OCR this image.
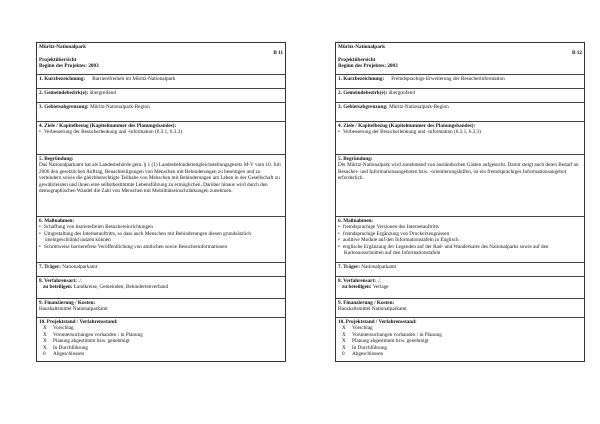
Müritz-Nationalpark
B 11
Projektübersicht
Beginn des Projektes: 2003
1. Kurzbezeichnung: Barrierefreiheit im Müritz-Nationalpark
2. Gemeindebezirk(e): übergreifend
3. Gebietsabgrenzung: Müritz-Nationalpark-Region
4. Ziele / Kapitelbezug (Kapitelnummer des Planungsbandes):
• Verbesserung der Besucherlenkung und -information (6.3.1, 6.3.3)
5. Begründung:
Das Nationalparkamt hat als Landesbehörde gem. § 1 (1) Landesbehindertengleichstellungsgesetz M-V vom 10. Juli 2006 den gesetzlichen Auftrag, Benachteiligungen von Menschen mit Behinderungen zu beseitigen und zu verhindern sowie die gleichberechtigte Teilhabe von Menschen mit Behinderungen am Leben in der Gesellschaft zu gewährleisten und ihnen eine selbstbestimmte Lebensführung zu ermöglichen. Darüber hinaus wird durch den demographischen Wandel die Zahl von Menschen mit Mobilitätseinschränkungen zunehmen.
6. Maßnahmen:
• Schaffung von barrierefreien Besuchereinrichtungen
• Umgestaltung des Internetauftritts, so dass auch Menschen mit Behinderungen diesen grundsätzlich uneingeschränkt nutzen können
• Schrittweise barrierefreie Veröffentlichung von amtlichen sowie Besucherinformationen
7. Träger: Nationalparkamt
8. Verfahrensart: ./.
zu beteiligen: Landkreise, Gemeinden, Behindertenverband
9. Finanzierung / Kosten:
Haushaltsmittel Nationalparkamt
10. Projektstand / Verfahrensstand:
X	Vorschlag
X	Voruntersuchungen vorhanden / in Planung
X	Planung abgestimmt bzw. genehmigt
X	In Durchführung
0	Abgeschlossen
Müritz-Nationalpark
B 12
Projektübersicht
Beginn des Projektes: 2003
1. Kurzbezeichnung: Fremdsprachige Erweiterung der Besucherinformation
2. Gemeindebezirk(e): übergreifend
3. Gebietsabgrenzung: Müritz-Nationalpark-Region
4. Ziele / Kapitelbezug (Kapitelnummer des Planungsbandes):
• Verbesserung der Besucherlenkung und -information (6.3.1, 6.3.3)
5. Begründung:
Der Müritz-Nationalpark wird zunehmend von ausländischen Gästen aufgesucht. Damit steigt auch deren Bedarf an Besucher- und Informationsangeboten bzw. -orientierungshilfen, ist ein fremdsprachiges Informationsangebot erforderlich.
6. Maßnahmen:
• fremdsprachige Versionen des Internetauftritts
• fremdsprachige Ergänzung von Druckerzeugnissen
• auditive Module auf den Informationstafeln in Englisch
• englische Ergänzung der Legenden auf der Rad- und Wanderkarte des Nationalparks sowie auf den Kartenausschnitten auf den Informationstafeln
7. Träger: Nationalparkamt
8. Verfahrensart: ./.
zu beteiligen: Verlage
9. Finanzierung / Kosten:
Haushaltsmittel Nationalparkamt
10. Projektstand / Verfahrensstand:
X	Vorschlag
X	Voruntersuchungen vorhanden / in Planung
X	Planung abgestimmt bzw. genehmigt
X	In Durchführung
0	Abgeschlossen
